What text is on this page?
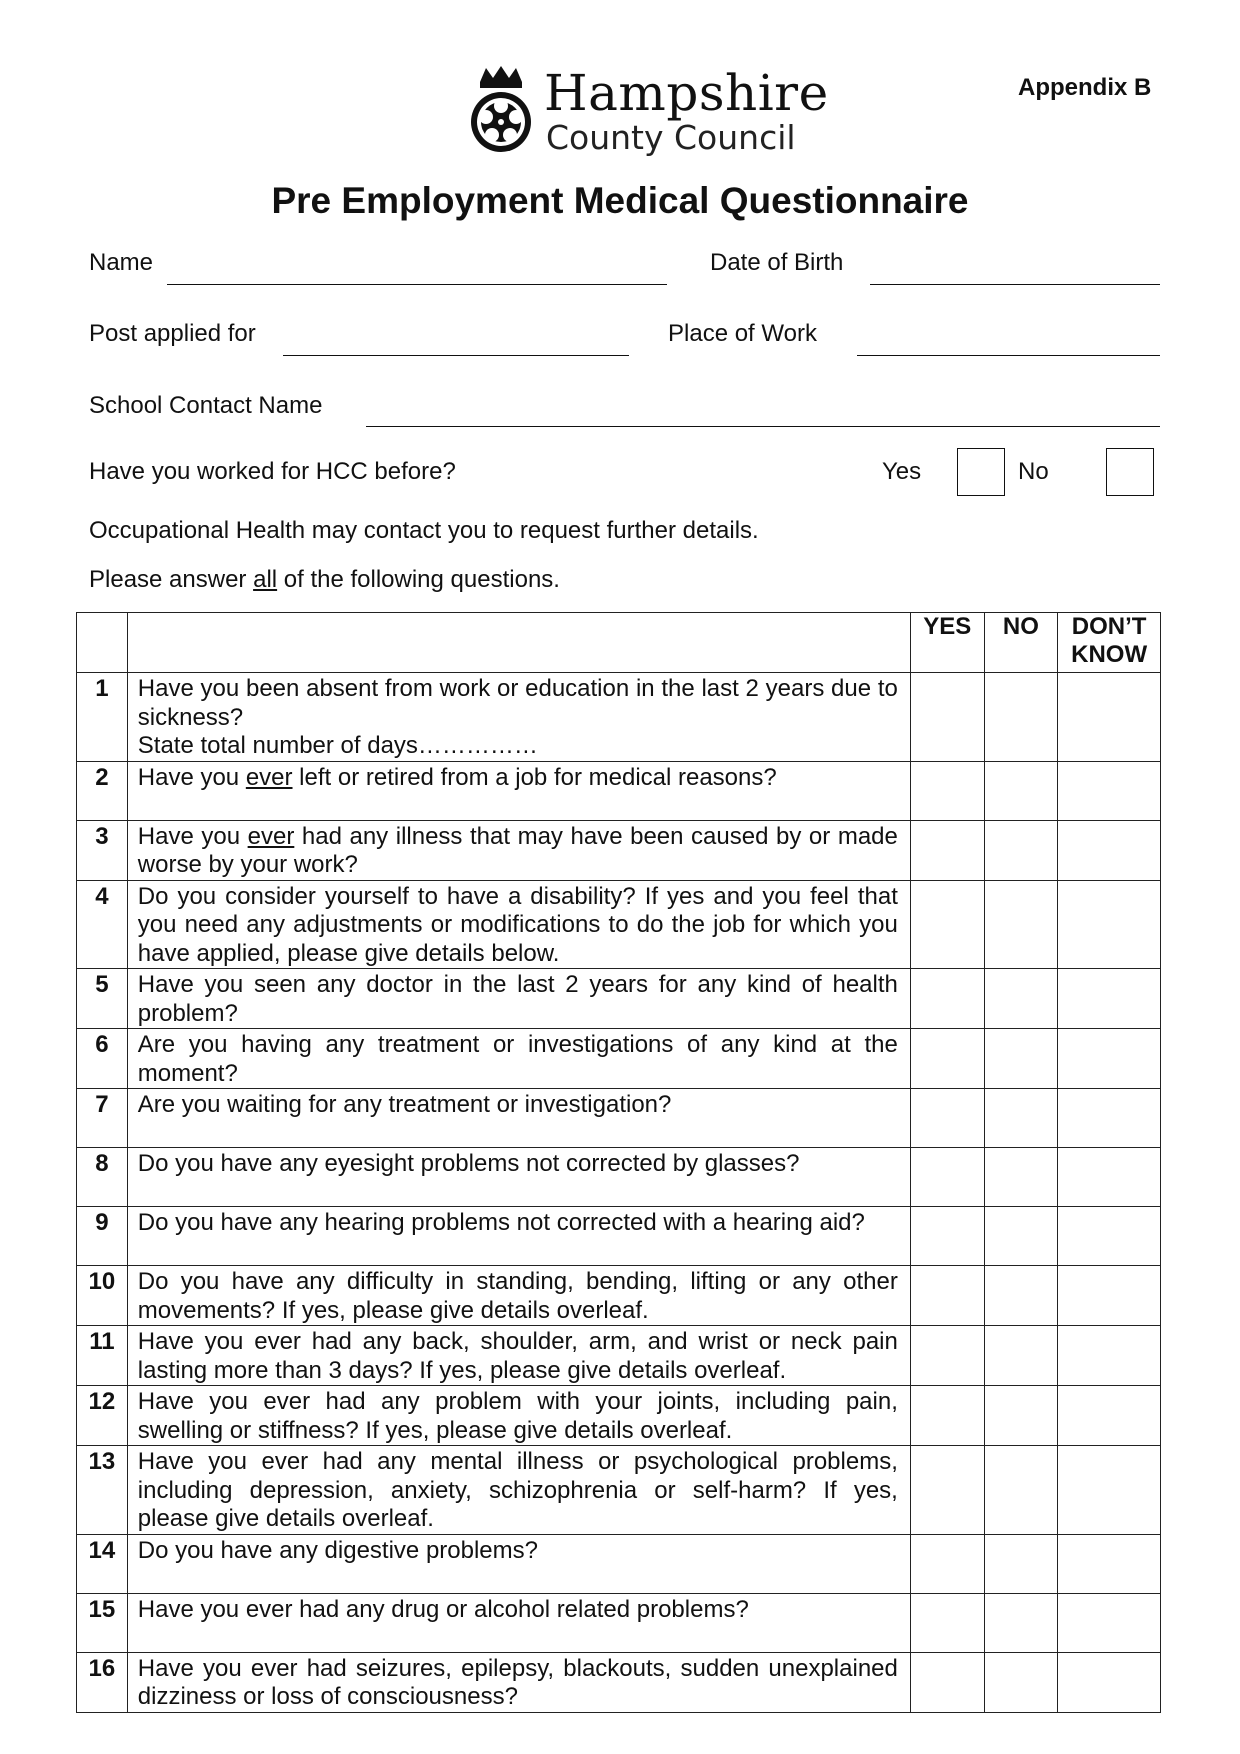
Appendix B
Hampshire
County Council
Pre Employment Medical Questionnaire
Name	Date of Birth
Post applied for	Place of Work
School Contact Name
Have you worked for HCC before?	Yes	No
Occupational Health may contact you to request further details.
Please answer all of the following questions.
		YES	NO	DON’T KNOW
1	Have you been absent from work or education in the last 2 years due to sickness?
State total number of days……………			

2	Have you ever left or retired from a job for medical reasons?			
3	Have you ever had any illness that may have been caused by or made worse by your work?			
4	Do you consider yourself to have a disability? If yes and you feel that you need any adjustments or modifications to do the job for which you have applied, please give details below.			
5	Have you seen any doctor in the last 2 years for any kind of health problem?			
6	Are you having any treatment or investigations of any kind at the moment?			
7	Are you waiting for any treatment or investigation?			
8	Do you have any eyesight problems not corrected by glasses?			
9	Do you have any hearing problems not corrected with a hearing aid?			
10	Do you have any difficulty in standing, bending, lifting or any other movements? If yes, please give details overleaf.			
11	Have you ever had any back, shoulder, arm, and wrist or neck pain lasting more than 3 days? If yes, please give details overleaf.			
12	Have you ever had any problem with your joints, including pain, swelling or stiffness? If yes, please give details overleaf.			
13	Have you ever had any mental illness or psychological problems, including depression, anxiety, schizophrenia or self-harm? If yes, please give details overleaf.			
14	Do you have any digestive problems?			
15	Have you ever had any drug or alcohol related problems?			
16	Have you ever had seizures, epilepsy, blackouts, sudden unexplained dizziness or loss of consciousness?			
